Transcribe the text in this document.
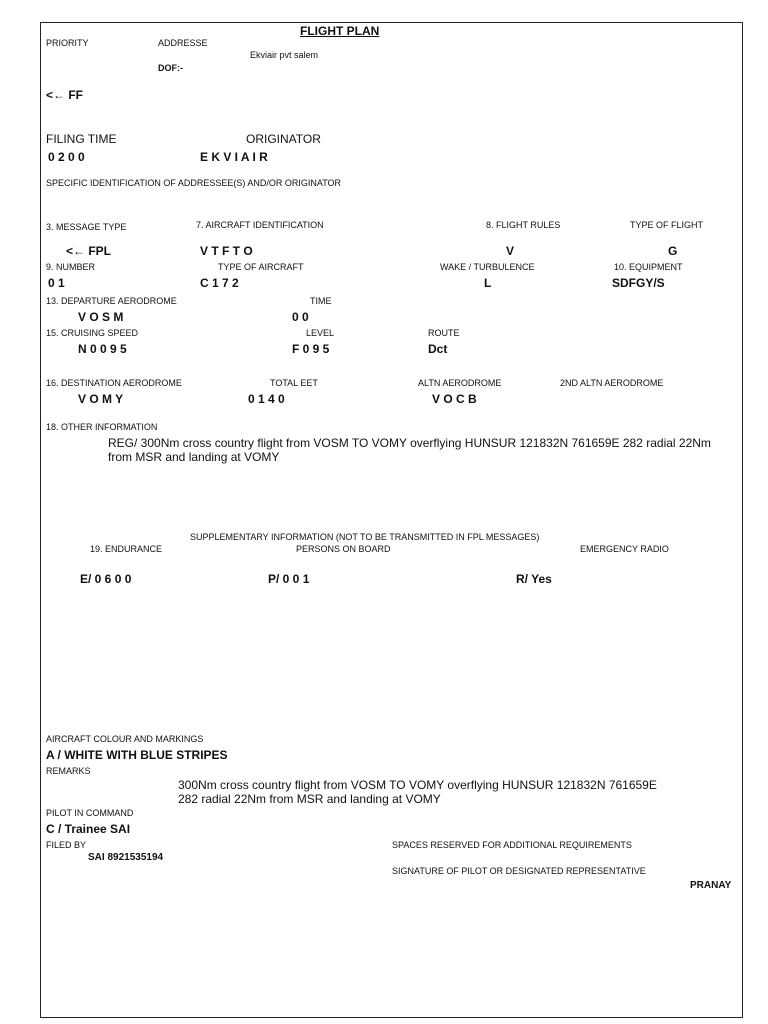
FLIGHT PLAN
PRIORITY	ADDRESSE
Ekviair pvt salem
DOF:-
<← FF
FILING TIME
0 2 0 0
ORIGINATOR
E K V I A I R
SPECIFIC IDENTIFICATION OF ADDRESSEE(S) AND/OR ORIGINATOR
3. MESSAGE TYPE
<← FPL
7. AIRCRAFT IDENTIFICATION
V T F T O
8. FLIGHT RULES
V
TYPE OF FLIGHT
G
9. NUMBER
0 1
TYPE OF AIRCRAFT
C 1 7 2
WAKE / TURBULENCE
L
10. EQUIPMENT
SDFGY/S
13. DEPARTURE AERODROME
V O S M
TIME
0 0
15. CRUISING SPEED
N 0 0 9 5
LEVEL
F 0 9 5
ROUTE
Dct
16. DESTINATION AERODROME
V O M Y
TOTAL EET
0 1 4 0
ALTN AERODROME
V O C B
2ND ALTN AERODROME
18. OTHER INFORMATION
REG/ 300Nm cross country flight from VOSM TO VOMY overflying HUNSUR 121832N 761659E 282 radial 22Nm from MSR and landing at VOMY
SUPPLEMENTARY INFORMATION (NOT TO BE TRANSMITTED IN FPL MESSAGES)
19. ENDURANCE
E/ 0 6 0 0
PERSONS ON BOARD
P/ 0 0 1
EMERGENCY RADIO
R/ Yes
AIRCRAFT COLOUR AND MARKINGS
A / WHITE WITH BLUE STRIPES
REMARKS
300Nm cross country flight from VOSM TO VOMY overflying HUNSUR 121832N 761659E 282 radial 22Nm from MSR and landing at VOMY
PILOT IN COMMAND
C / Trainee SAI
FILED BY
SAI 8921535194
SPACES RESERVED FOR ADDITIONAL REQUIREMENTS
SIGNATURE OF PILOT OR DESIGNATED REPRESENTATIVE
PRANAY
